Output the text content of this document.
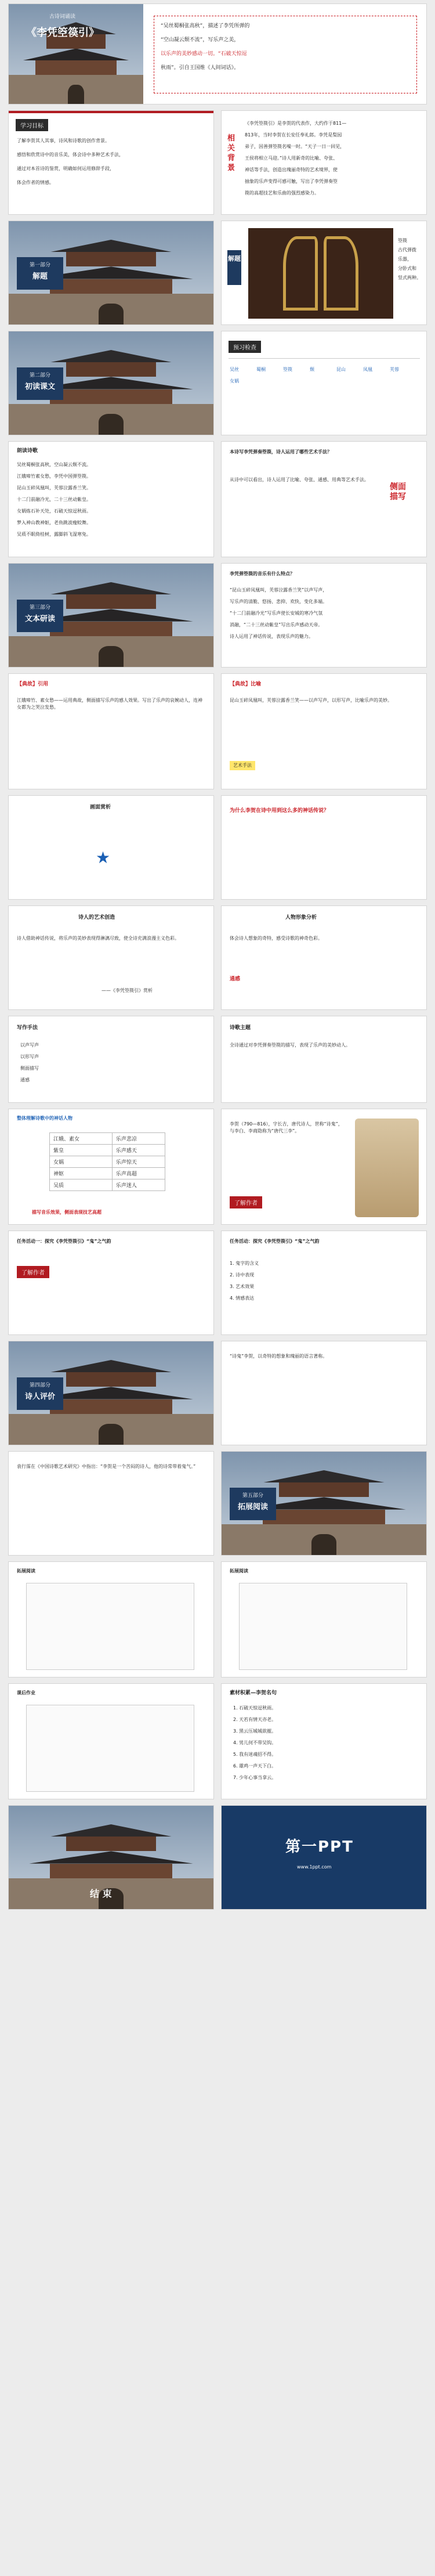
古诗词诵读
《李凭箜篌引》
“吴丝蜀桐张高秋”，描述了李凭所弹的
“空山凝云颓不流”，写乐声之美，
以乐声的美妙感动一切。“石破天惊逗
秋雨”。引自王国维《人间词话》。
学习目标
了解李贺其人其事，诗风和诗歌的创作背景。
感悟和欣赏诗中的音乐美，体会诗中多种艺术手法，
通过对本首诗的鉴赏，明确如何运用修辞手段，
体会作者的情感。
相关背景
《李凭箜篌引》是李贺的代表作，大约作于811—
813年，当时李贺在长安任奉礼郎。李凭是梨园
弟子，因善弹箜篌名噪一时。“天子一日一回见，
王侯将相立马迎。”诗人用新奇的比喻、夸张、
神话等手法，创造出瑰丽奇特的艺术境界，使
抽象的乐声变得可感可触，写出了李凭弹奏箜
篌的高超技艺和乐曲的强烈感染力。
第一部分
解题
解题
箜篌
古代弹拨
乐器，
分卧式和
竖式两种。
第二部分
初读课文
预习检查
吴丝	蜀桐	箜篌	颓	昆山	凤凰	芙蓉
女娲
朗读诗歌
吴丝蜀桐张高秋，空山凝云颓不流。
江娥啼竹素女愁，李凭中国弹箜篌。
昆山玉碎凤凰叫，芙蓉泣露香兰笑。
十二门前融冷光，二十三丝动紫皇。
女娲炼石补天处，石破天惊逗秋雨。
梦入神山教神妪，老鱼跳波瘦蛟舞。
吴质不眠倚桂树，露脚斜飞湿寒兔。
本诗写李凭弹奏箜篌，诗人运用了哪些艺术手法？
从诗中可以看出，诗人运用了比喻、夸张、通感、用典等艺术手法。
侧面描写
第三部分
文本研读
李凭弹箜篌的音乐有什么特点？
“昆山玉碎凤凰叫，芙蓉泣露香兰笑”以声写声，
写乐声的清脆、悠扬、悲抑、欢快，变化多端。
“十二门前融冷光”写乐声使长安城的寒冷气氛
消融，“二十三丝动紫皇”写出乐声感动天帝。
诗人运用了神话传说，表现乐声的魅力。
【典故】引用
江娥啼竹、素女愁——运用典故，侧面描写乐声的感人效果。写出了乐声的哀婉动人，连神女都为之哭泣发愁。
【典故】比喻
昆山玉碎凤凰叫，芙蓉泣露香兰笑——以声写声，以形写声，比喻乐声的美妙。
艺术手法
画面赏析
★
为什么李贺在诗中用到这么多的神话传说？
诗人的艺术创造
诗人借助神话传说，将乐声的美妙表现得淋漓尽致，使全诗充满浪漫主义色彩。
——《李凭箜篌引》赏析
人物形象分析
体会诗人想象的奇特，感受诗歌的神奇色彩。
通感
写作手法
以声写声
以形写声
侧面描写
通感
诗歌主题
全诗通过对李凭弹奏箜篌的描写，表现了乐声的美妙动人。
整体理解诗歌中的神话人物
江娥、素女	乐声悲凉
紫皇	乐声感天
女娲	乐声惊天
神妪	乐声高超
吴质	乐声迷人
描写音乐效果，侧面表现技艺高超
李贺（790—816），字长吉，唐代诗人，世称“诗鬼”，与李白、李商隐称为“唐代三李”。
了解作者
任务活动一：探究《李凭箜篌引》“鬼”之气韵
了解作者
任务活动：探究《李凭箜篌引》“鬼”之气韵
1. 鬼字的含义
2. 诗中表现
3. 艺术效果
4. 情感表达
第四部分
诗人评价
“诗鬼”李贺，以奇特的想象和瑰丽的语言著称。
袁行霈在《中国诗歌艺术研究》中指出：“李贺是一个苦闷的诗人，他的诗常带着鬼气。”
第五部分
拓展阅读
拓展阅读	拓展阅读
课后作业	素材积累—李贺名句
1. 石破天惊逗秋雨。
2. 天若有情天亦老。
3. 黑云压城城欲摧。
4. 男儿何不带吴钩。
5. 我有迷魂招不得。
6. 雄鸡一声天下白。
7. 少年心事当拿云。
结 束
第一PPT
www.1ppt.com
